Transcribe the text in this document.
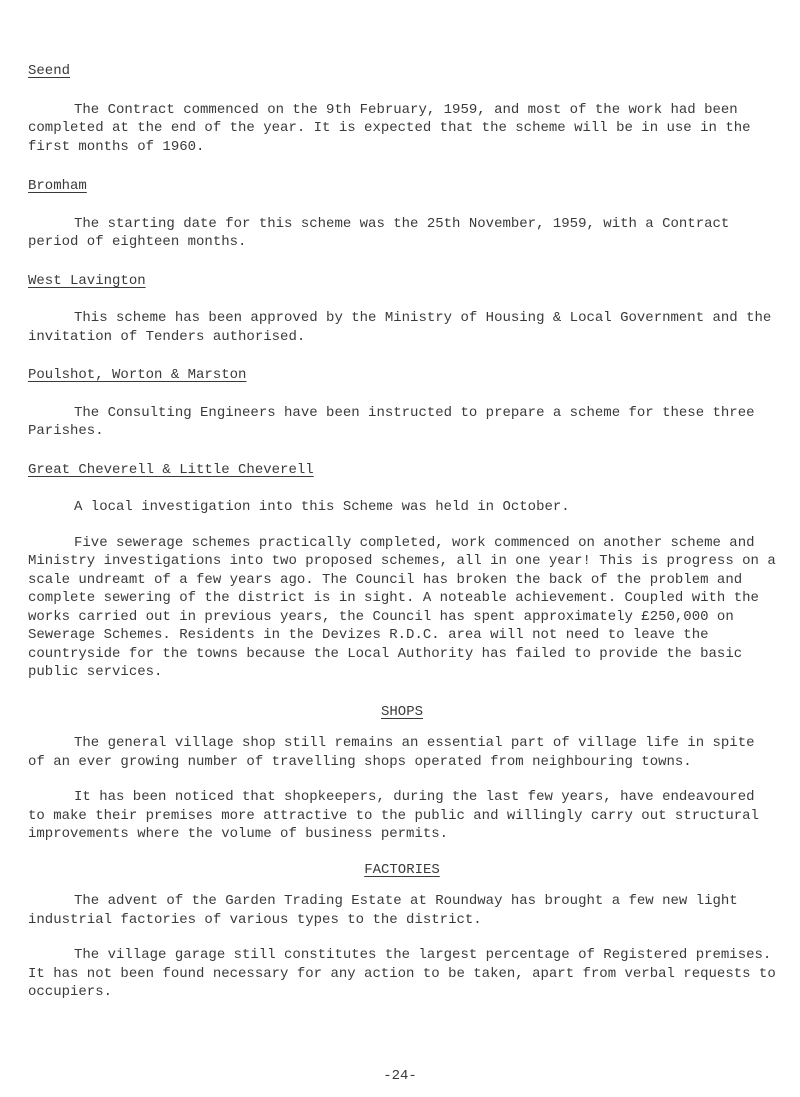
Seend

The Contract commenced on the 9th February, 1959, and most of the work had been completed at the end of the year. It is expected that the scheme will be in use in the first months of 1960.

Bromham

The starting date for this scheme was the 25th November, 1959, with a Contract period of eighteen months.

West Lavington

This scheme has been approved by the Ministry of Housing & Local Government and the invitation of Tenders authorised.

Poulshot, Worton & Marston

The Consulting Engineers have been instructed to prepare a scheme for these three Parishes.

Great Cheverell & Little Cheverell

A local investigation into this Scheme was held in October.

Five sewerage schemes practically completed, work commenced on another scheme and Ministry investigations into two proposed schemes, all in one year! This is progress on a scale undreamt of a few years ago. The Council has broken the back of the problem and complete sewering of the district is in sight. A noteable achievement. Coupled with the works carried out in previous years, the Council has spent approximately £250,000 on Sewerage Schemes. Residents in the Devizes R.D.C. area will not need to leave the countryside for the towns because the Local Authority has failed to provide the basic public services.

SHOPS

The general village shop still remains an essential part of village life in spite of an ever growing number of travelling shops operated from neighbouring towns.

It has been noticed that shopkeepers, during the last few years, have endeavoured to make their premises more attractive to the public and willingly carry out structural improvements where the volume of business permits.

FACTORIES

The advent of the Garden Trading Estate at Roundway has brought a few new light industrial factories of various types to the district.

The village garage still constitutes the largest percentage of Registered premises. It has not been found necessary for any action to be taken, apart from verbal requests to occupiers.

-24-
